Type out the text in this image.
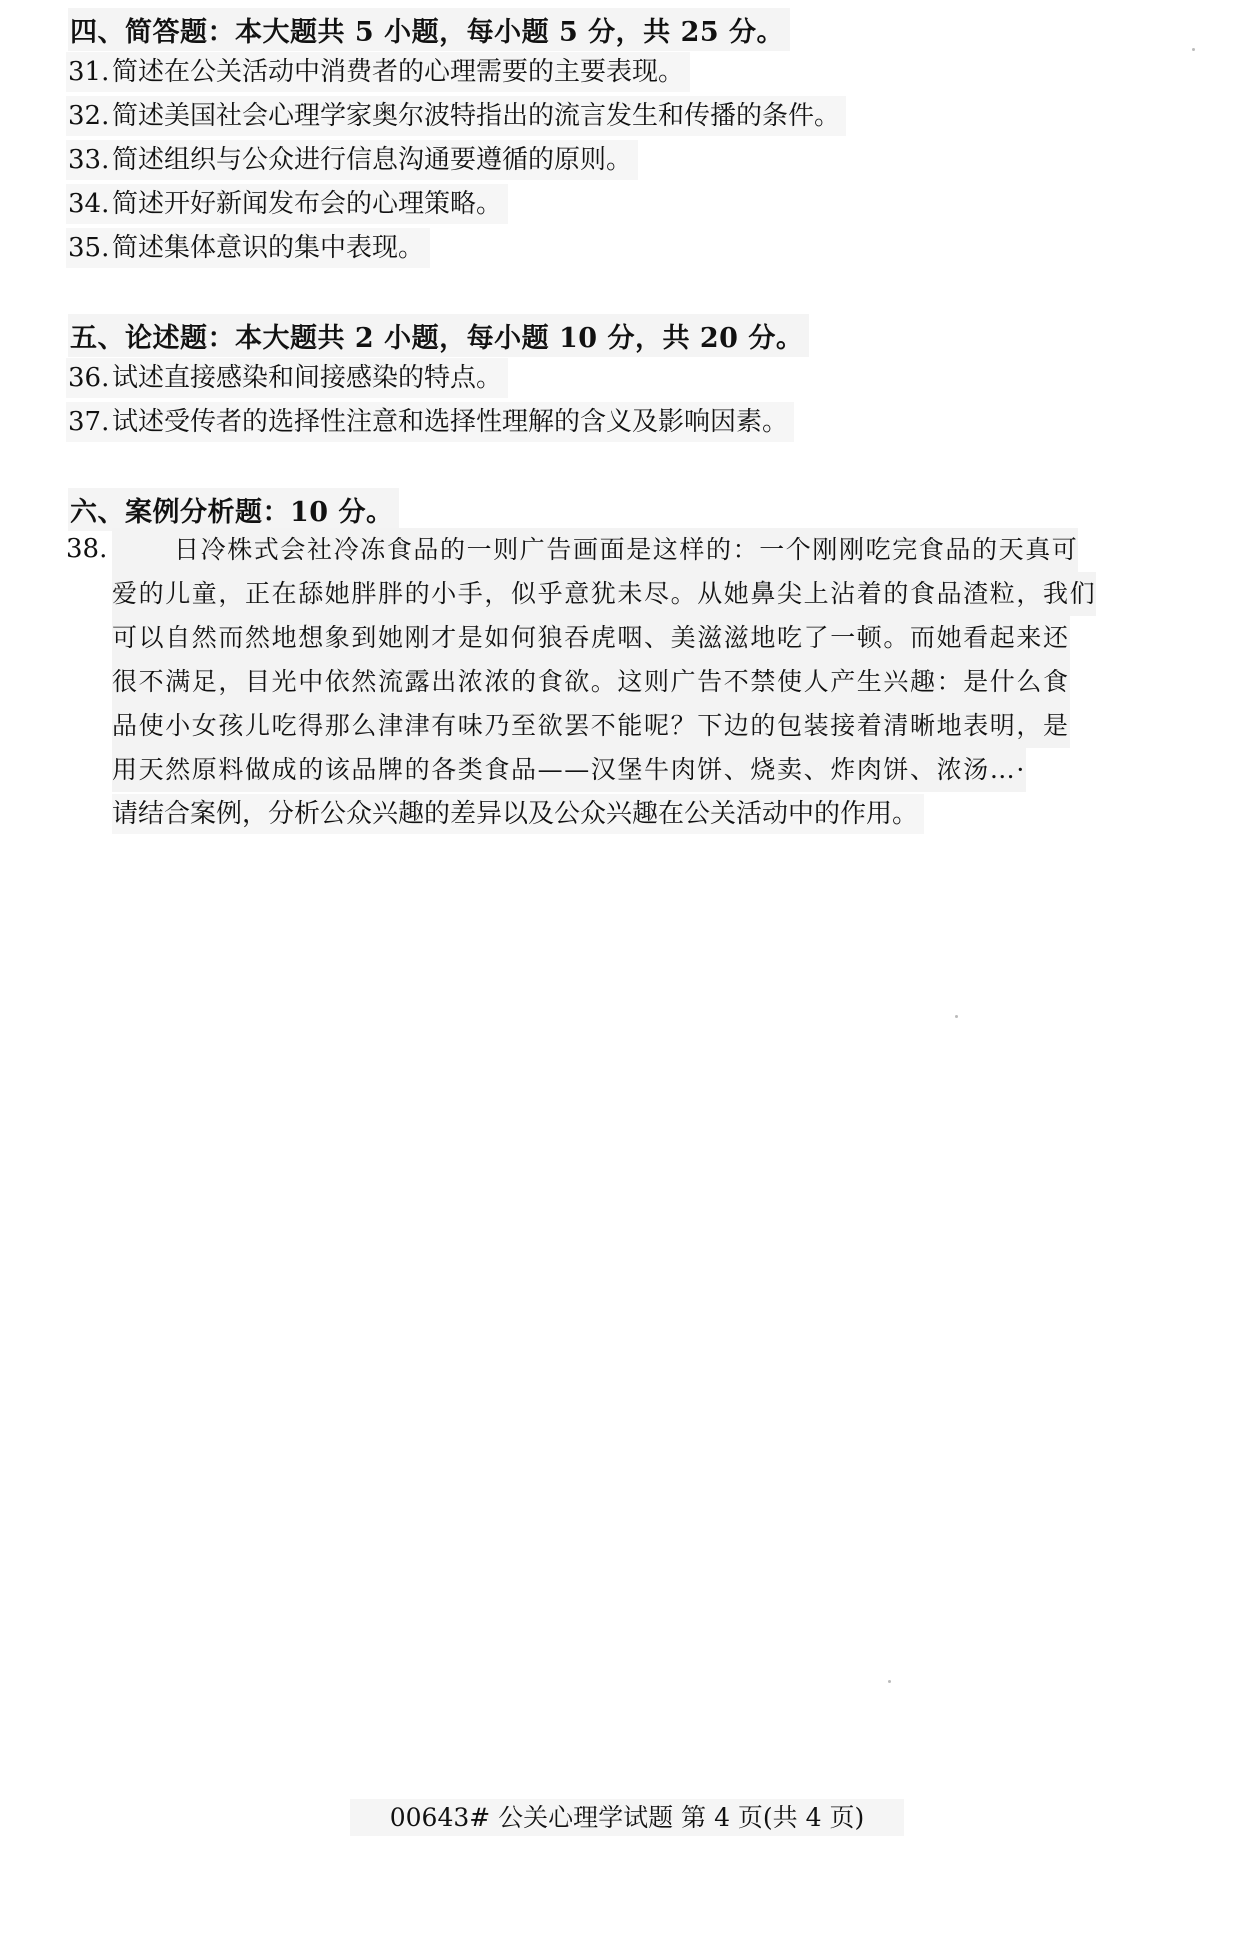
四、简答题：本大题共 5 小题，每小题 5 分，共 25 分。
31. 简述在公关活动中消费者的心理需要的主要表现。
32. 简述美国社会心理学家奥尔波特指出的流言发生和传播的条件。
33. 简述组织与公众进行信息沟通要遵循的原则。
34. 简述开好新闻发布会的心理策略。
35. 简述集体意识的集中表现。
五、论述题：本大题共 2 小题，每小题 10 分，共 20 分。
36. 试述直接感染和间接感染的特点。
37. 试述受传者的选择性注意和选择性理解的含义及影响因素。
六、案例分析题：10 分。
38.	日冷株式会社冷冻食品的一则广告画面是这样的：一个刚刚吃完食品的天真可
爱的儿童，正在舔她胖胖的小手，似乎意犹未尽。从她鼻尖上沾着的食品渣粒，我们
可以自然而然地想象到她刚才是如何狼吞虎咽、美滋滋地吃了一顿。而她看起来还
很不满足，目光中依然流露出浓浓的食欲。这则广告不禁使人产生兴趣：是什么食
品使小女孩儿吃得那么津津有味乃至欲罢不能呢？下边的包装接着清晰地表明，是
用天然原料做成的该品牌的各类食品——汉堡牛肉饼、烧卖、炸肉饼、浓汤…·
请结合案例，分析公众兴趣的差异以及公众兴趣在公关活动中的作用。
00643# 公关心理学试题 第 4 页(共 4 页)
